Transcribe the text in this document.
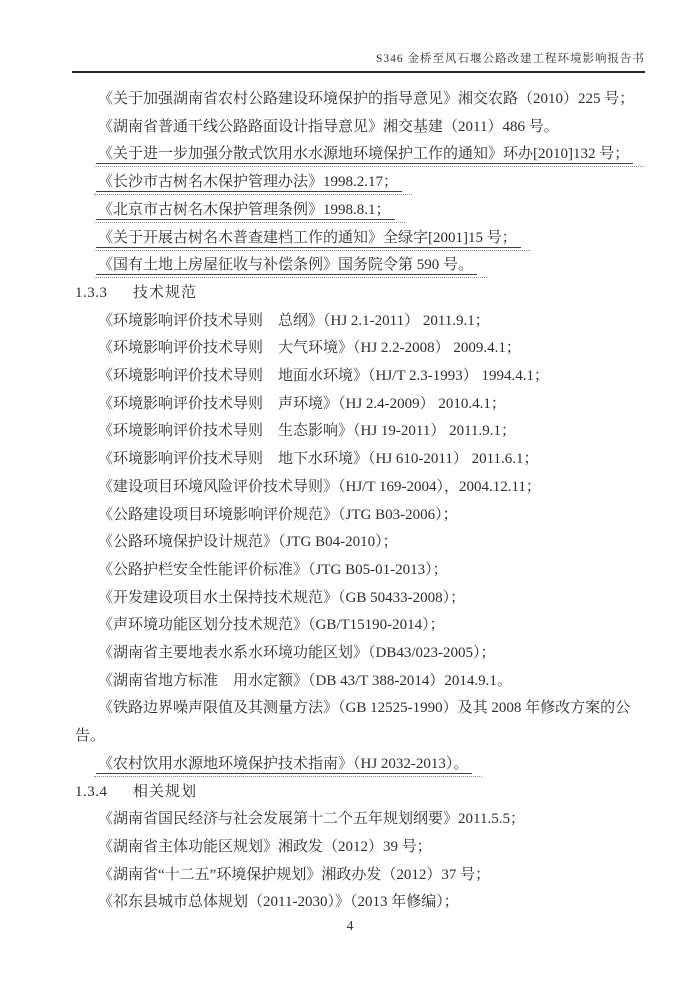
S346 金桥至风石堰公路改建工程环境影响报告书
《关于加强湖南省农村公路建设环境保护的指导意见》湘交农路（2010）225 号；
《湖南省普通干线公路路面设计指导意见》湘交基建（2011）486 号。
《关于进一步加强分散式饮用水水源地环境保护工作的通知》环办[2010]132 号；
《长沙市古树名木保护管理办法》1998.2.17；
《北京市古树名木保护管理条例》1998.8.1；
《关于开展古树名木普查建档工作的通知》全绿字[2001]15 号；
《国有土地上房屋征收与补偿条例》国务院令第 590 号。
1.3.3 技术规范
《环境影响评价技术导则　总纲》（HJ 2.1-2011） 2011.9.1；
《环境影响评价技术导则　大气环境》（HJ 2.2-2008） 2009.4.1；
《环境影响评价技术导则　地面水环境》（HJ/T 2.3-1993） 1994.4.1；
《环境影响评价技术导则　声环境》（HJ 2.4-2009） 2010.4.1；
《环境影响评价技术导则　生态影响》（HJ 19-2011） 2011.9.1；
《环境影响评价技术导则　地下水环境》（HJ 610-2011） 2011.6.1；
《建设项目环境风险评价技术导则》（HJ/T 169-2004），2004.12.11；
《公路建设项目环境影响评价规范》（JTG B03-2006）；
《公路环境保护设计规范》（JTG B04-2010）；
《公路护栏安全性能评价标准》（JTG B05-01-2013）；
《开发建设项目水土保持技术规范》（GB 50433-2008）；
《声环境功能区划分技术规范》（GB/T15190-2014）；
《湖南省主要地表水系水环境功能区划》（DB43/023-2005）；
《湖南省地方标准　用水定额》（DB 43/T 388-2014）2014.9.1。
《铁路边界噪声限值及其测量方法》（GB 12525-1990）及其 2008 年修改方案的公
告。
《农村饮用水源地环境保护技术指南》（HJ 2032-2013）。
1.3.4 相关规划
《湖南省国民经济与社会发展第十二个五年规划纲要》2011.5.5；
《湖南省主体功能区规划》湘政发（2012）39 号；
《湖南省“十二五”环境保护规划》湘政办发（2012）37 号；
《祁东县城市总体规划（2011-2030）》（2013 年修编）；
4
